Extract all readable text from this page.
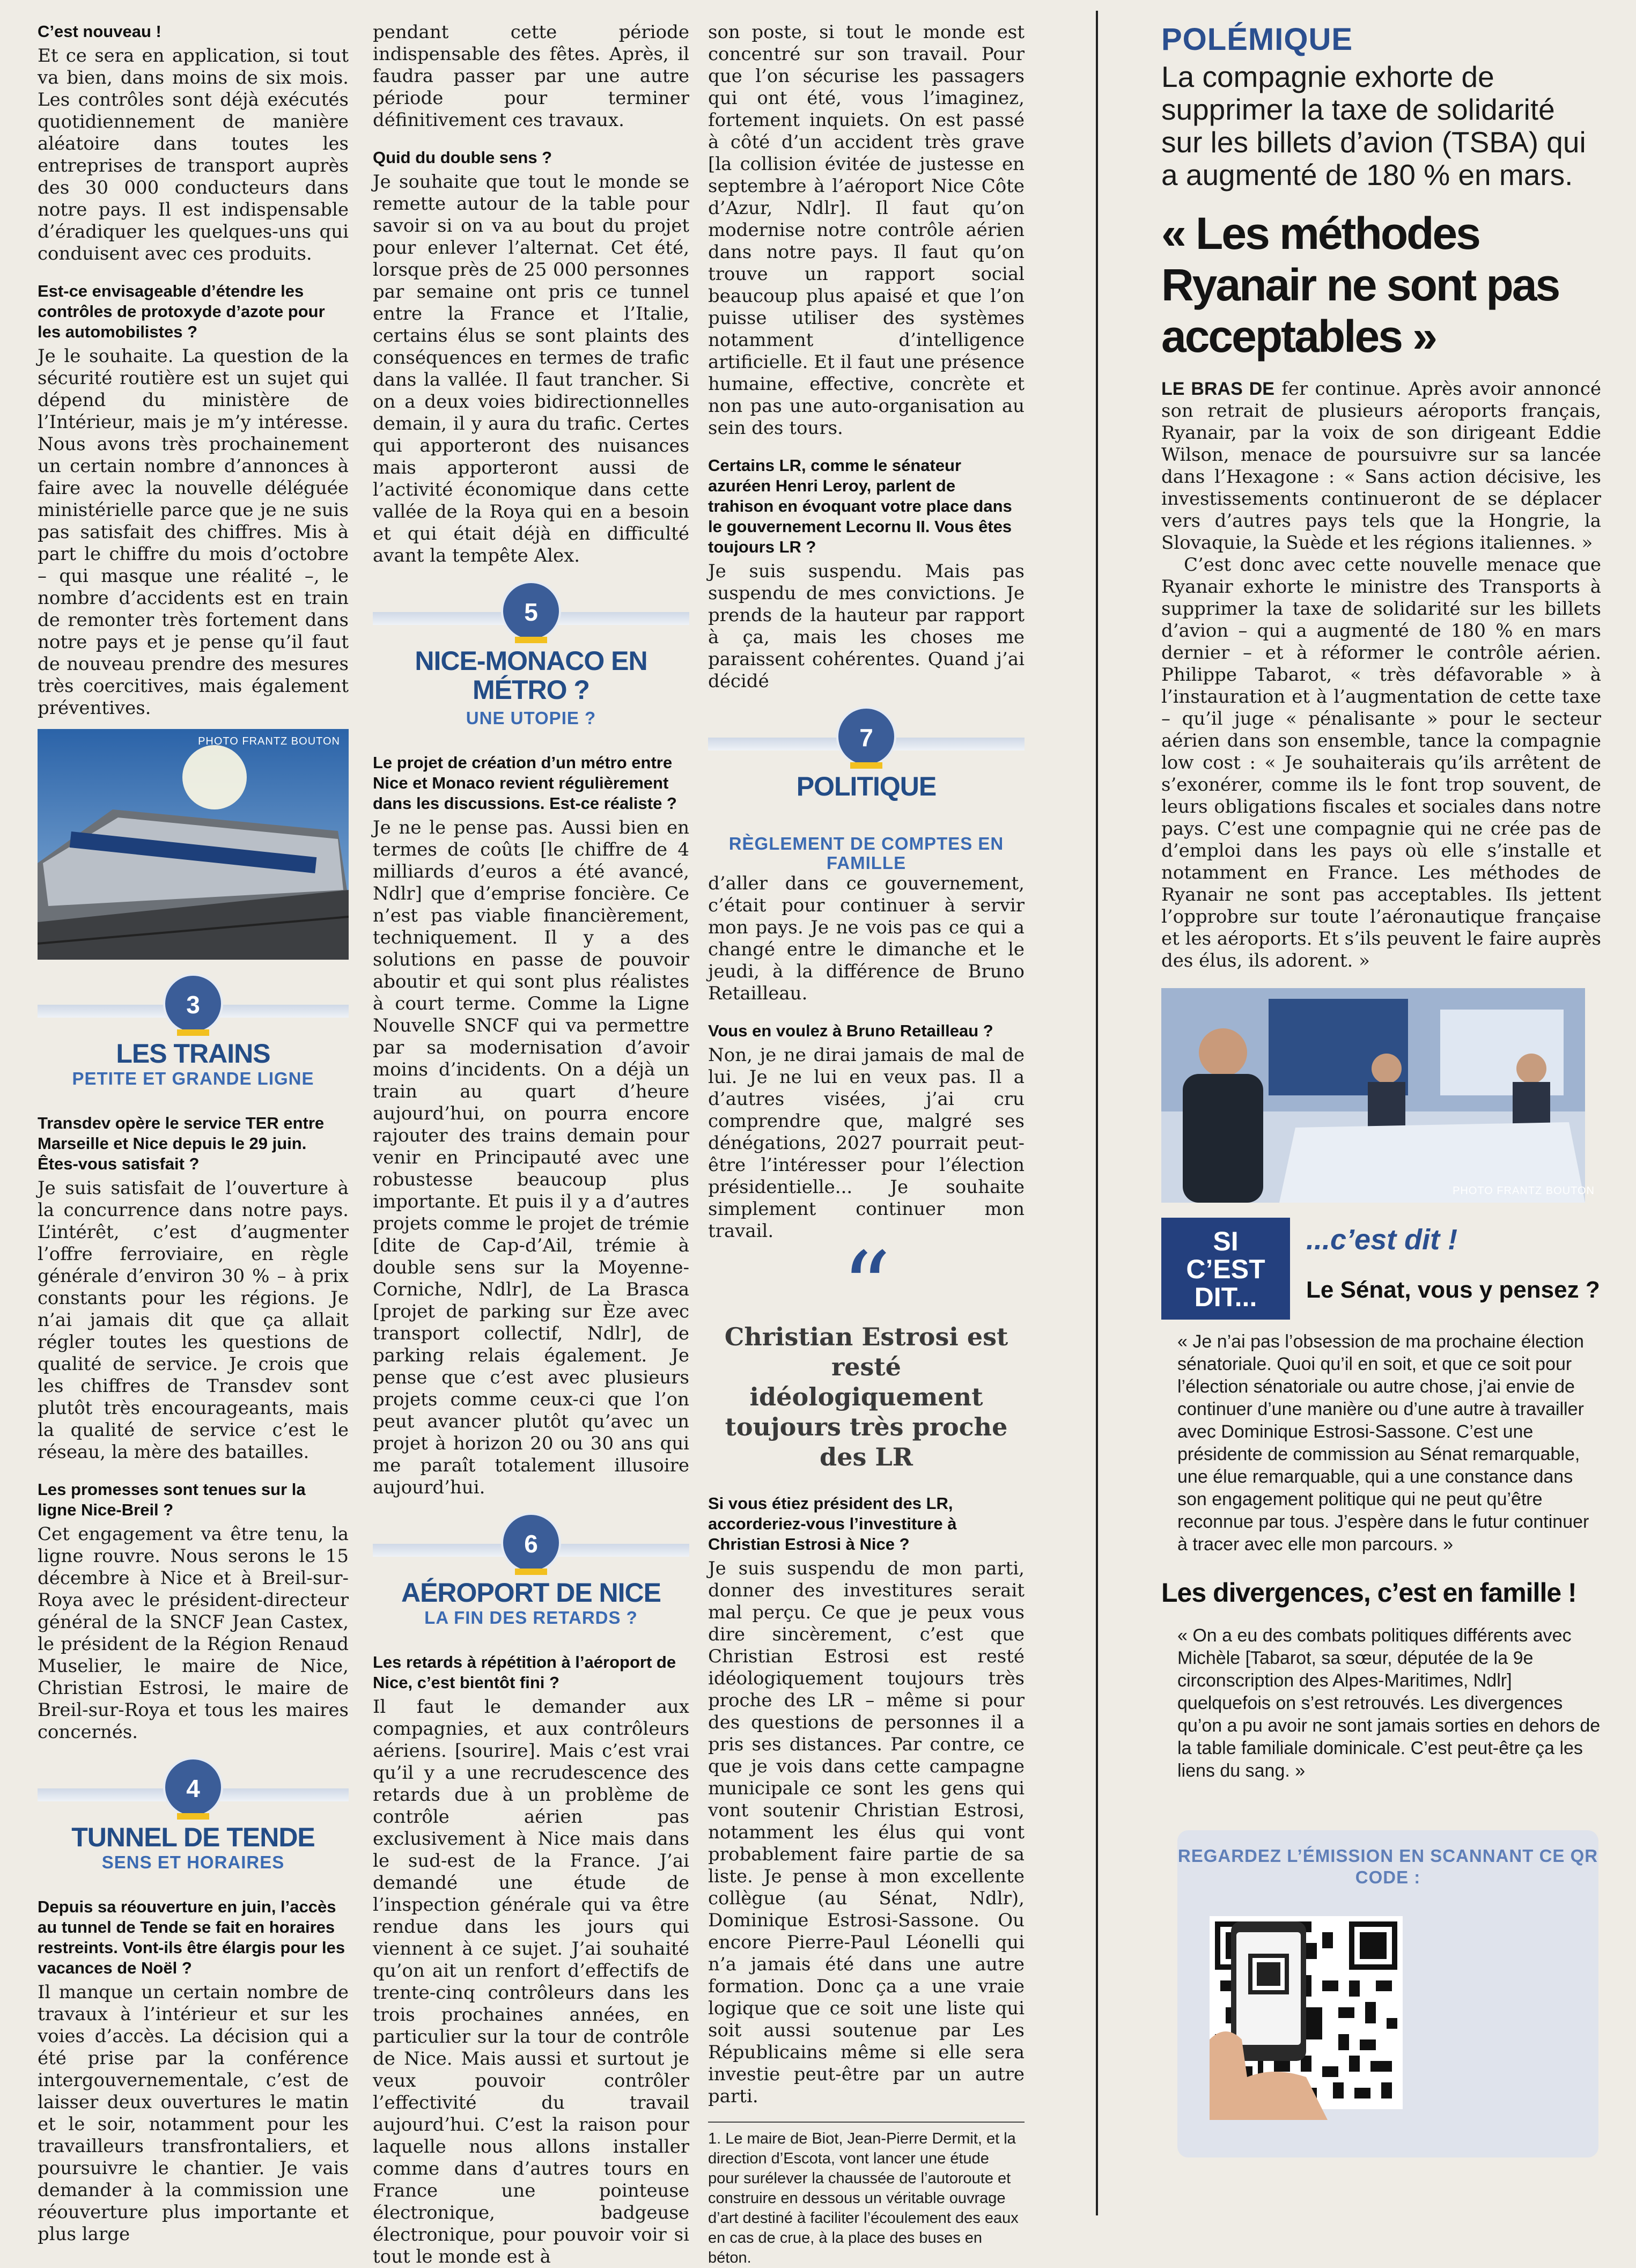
C’est nouveau !

Et ce sera en application, si tout va bien, dans moins de six mois. Les contrôles sont déjà exécutés quotidiennement de manière aléatoire dans toutes les entreprises de transport auprès des 30 000 conducteurs dans notre pays. Il est indispensable d’éradiquer les quelques-uns qui conduisent avec ces produits.

Est-ce envisageable d’étendre les contrôles de protoxyde d’azote pour les automobilistes ?

Je le souhaite. La question de la sécurité routière est un sujet qui dépend du ministère de l’Intérieur, mais je m’y intéresse. Nous avons très prochainement un certain nombre d’annonces à faire avec la nouvelle déléguée ministérielle parce que je ne suis pas satisfait des chiffres. Mis à part le chiffre du mois d’octobre – qui masque une réalité –, le nombre d’accidents est en train de remonter très fortement dans notre pays et je pense qu’il faut de nouveau prendre des mesures très coercitives, mais également préventives.

PHOTO FRANTZ BOUTON
3
LES TRAINS
PETITE ET GRANDE LIGNE
Transdev opère le service TER entre Marseille et Nice depuis le 29 juin. Êtes-vous satisfait ?

Je suis satisfait de l’ouverture à la concurrence dans notre pays. L’intérêt, c’est d’augmenter l’offre ferroviaire, en règle générale d’environ 30 % – à prix constants pour les régions. Je n’ai jamais dit que ça allait régler toutes les questions de qualité de service. Je crois que les chiffres de Transdev sont plutôt très encourageants, mais la qualité de service c’est le réseau, la mère des batailles.

Les promesses sont tenues sur la ligne Nice-Breil ?

Cet engagement va être tenu, la ligne rouvre. Nous serons le 15 décembre à Nice et à Breil-sur-Roya avec le président-directeur général de la SNCF Jean Castex, le président de la Région Renaud Muselier, le maire de Nice, Christian Estrosi, le maire de Breil-sur-Roya et tous les maires concernés.

4
TUNNEL DE TENDE
SENS ET HORAIRES
Depuis sa réouverture en juin, l’accès au tunnel de Tende se fait en horaires restreints. Vont-ils être élargis pour les vacances de Noël ?

Il manque un certain nombre de travaux à l’intérieur et sur les voies d’accès. La décision qui a été prise par la conférence intergouvernementale, c’est de laisser deux ouvertures le matin et le soir, notamment pour les travailleurs transfrontaliers, et poursuivre le chantier. Je vais demander à la commission une réouverture plus importante et plus large

pendant cette période indispensable des fêtes. Après, il faudra passer par une autre période pour terminer définitivement ces travaux.

Quid du double sens ?

Je souhaite que tout le monde se remette autour de la table pour savoir si on va au bout du projet pour enlever l’alternat. Cet été, lorsque près de 25 000 personnes par semaine ont pris ce tunnel entre la France et l’Italie, certains élus se sont plaints des conséquences en termes de trafic dans la vallée. Il faut trancher. Si on a deux voies bidirectionnelles demain, il y aura du trafic. Certes qui apporteront des nuisances mais apporteront aussi de l’activité économique dans cette vallée de la Roya qui en a besoin et qui était déjà en difficulté avant la tempête Alex.

5
NICE-MONACO EN MÉTRO ?
UNE UTOPIE ?
Le projet de création d’un métro entre Nice et Monaco revient régulièrement dans les discussions. Est-ce réaliste ?

Je ne le pense pas. Aussi bien en termes de coûts [le chiffre de 4 milliards d’euros a été avancé, Ndlr] que d’emprise foncière. Ce n’est pas viable financièrement, techniquement. Il y a des solutions en passe de pouvoir aboutir et qui sont plus réalistes à court terme. Comme la Ligne Nouvelle SNCF qui va permettre par sa modernisation d’avoir moins d’incidents. On a déjà un train au quart d’heure aujourd’hui, on pourra encore rajouter des trains demain pour venir en Principauté avec une robustesse beaucoup plus importante. Et puis il y a d’autres projets comme le projet de trémie [dite de Cap-d’Ail, trémie à double sens sur la Moyenne-Corniche, Ndlr], de La Brasca [projet de parking sur Èze avec transport collectif, Ndlr], de parking relais également. Je pense que c’est avec plusieurs projets comme ceux-ci que l’on peut avancer plutôt qu’avec un projet à horizon 20 ou 30 ans qui me paraît totalement illusoire aujourd’hui.

6
AÉROPORT DE NICE
LA FIN DES RETARDS ?
Les retards à répétition à l’aéroport de Nice, c’est bientôt fini ?

Il faut le demander aux compagnies, et aux contrôleurs aériens. [sourire]. Mais c’est vrai qu’il y a une recrudescence des retards due à un problème de contrôle aérien pas exclusivement à Nice mais dans le sud-est de la France. J’ai demandé une étude de l’inspection générale qui va être rendue dans les jours qui viennent à ce sujet. J’ai souhaité qu’on ait un renfort d’effectifs de trente-cinq contrôleurs dans les trois prochaines années, en particulier sur la tour de contrôle de Nice. Mais aussi et surtout je veux pouvoir contrôler l’effectivité du travail aujourd’hui. C’est la raison pour laquelle nous allons installer comme dans d’autres tours en France une pointeuse électronique, badgeuse électronique, pour pouvoir voir si tout le monde est à

son poste, si tout le monde est concentré sur son travail. Pour que l’on sécurise les passagers qui ont été, vous l’imaginez, fortement inquiets. On est passé à côté d’un accident très grave [la collision évitée de justesse en septembre à l’aéroport Nice Côte d’Azur, Ndlr]. Il faut qu’on modernise notre contrôle aérien dans notre pays. Il faut qu’on trouve un rapport social beaucoup plus apaisé et que l’on puisse utiliser des systèmes notamment d’intelligence artificielle. Et il faut une présence humaine, effective, concrète et non pas une auto-organisation au sein des tours.

Certains LR, comme le sénateur azuréen Henri Leroy, parlent de trahison en évoquant votre place dans le gouvernement Lecornu II. Vous êtes toujours LR ?

Je suis suspendu. Mais pas suspendu de mes convictions. Je prends de la hauteur par rapport à ça, mais les choses me paraissent cohérentes. Quand j’ai décidé

7
POLITIQUE
RÈGLEMENT DE COMPTES EN FAMILLE

d’aller dans ce gouvernement, c’était pour continuer à servir mon pays. Je ne vois pas ce qui a changé entre le dimanche et le jeudi, à la différence de Bruno Retailleau.

Vous en voulez à Bruno Retailleau ?

Non, je ne dirai jamais de mal de lui. Je ne lui en veux pas. Il a d’autres visées, j’ai cru comprendre que, malgré ses dénégations, 2027 pourrait peut-être l’intéresser pour l’élection présidentielle... Je souhaite simplement continuer mon travail.

“
Christian Estrosi est resté idéologiquement toujours très proche des LR
Si vous étiez président des LR, accorderiez-vous l’investiture à Christian Estrosi à Nice ?

Je suis suspendu de mon parti, donner des investitures serait mal perçu. Ce que je peux vous dire sincèrement, c’est que Christian Estrosi est resté idéologiquement toujours très proche des LR – même si pour des questions de personnes il a pris ses distances. Par contre, ce que je vois dans cette campagne municipale ce sont les gens qui vont soutenir Christian Estrosi, notamment les élus qui vont probablement faire partie de sa liste. Je pense à mon excellente collègue (au Sénat, Ndlr), Dominique Estrosi-Sassone. Ou encore Pierre-Paul Léonelli qui n’a jamais été dans une autre formation. Donc ça a une vraie logique que ce soit une liste qui soit aussi soutenue par Les Républicains même si elle sera investie peut-être par un autre parti.

1. Le maire de Biot, Jean-Pierre Dermit, et la direction d’Escota, vont lancer une étude pour surélever la chaussée de l’autoroute et construire en dessous un véritable ouvrage d’art destiné à faciliter l’écoulement des eaux en cas de crue, à la place des buses en béton.
POLÉMIQUE
La compagnie exhorte de supprimer la taxe de solidarité sur les billets d’avion (TSBA) qui a augmenté de 180 % en mars.
« Les méthodes Ryanair ne sont pas acceptables »

LE BRAS DE fer continue. Après avoir annoncé son retrait de plusieurs aéroports français, Ryanair, par la voix de son dirigeant Eddie Wilson, menace de poursuivre sur sa lancée dans l’Hexagone : « Sans action décisive, les investissements continueront de se déplacer vers d’autres pays tels que la Hongrie, la Slovaquie, la Suède et les régions italiennes. »

C’est donc avec cette nouvelle menace que Ryanair exhorte le ministre des Transports à supprimer la taxe de solidarité sur les billets d’avion – qui a augmenté de 180 % en mars dernier – et à réformer le contrôle aérien. Philippe Tabarot, « très défavorable » à l’instauration et à l’augmentation de cette taxe – qu’il juge « pénalisante » pour le secteur aérien dans son ensemble, tance la compagnie low cost : « Je souhaiterais qu’ils arrêtent de s’exonérer, comme ils le font trop souvent, de leurs obligations fiscales et sociales dans notre pays. C’est une compagnie qui ne crée pas de d’emploi dans les pays où elle s’installe et notamment en France. Les méthodes de Ryanair ne sont pas acceptables. Ils jettent l’opprobre sur toute l’aéronautique française et les aéroports. Et s’ils peuvent le faire auprès des élus, ils adorent. »

PHOTO FRANTZ BOUTON
SI
C’EST
DIT...
...c’est dit !
Le Sénat, vous y pensez ?

« Je n’ai pas l’obsession de ma prochaine élection sénatoriale. Quoi qu’il en soit, et que ce soit pour l’élection sénatoriale ou autre chose, j’ai envie de continuer d’une manière ou d’une autre à travailler avec Dominique Estrosi-Sassone. C’est une présidente de commission au Sénat remarquable, une élue remarquable, qui a une constance dans son engagement politique qui ne peut qu’être reconnue par tous. J’espère dans le futur continuer à tracer avec elle mon parcours. »

Les divergences, c’est en famille !

« On a eu des combats politiques différents avec Michèle [Tabarot, sa sœur, députée de la 9e circonscription des Alpes-Maritimes, Ndlr] quelquefois on s’est retrouvés. Les divergences qu’on a pu avoir ne sont jamais sorties en dehors de la table familiale dominicale. C’est peut-être ça les liens du sang. »

REGARDEZ L’ÉMISSION EN SCANNANT CE QR CODE :
